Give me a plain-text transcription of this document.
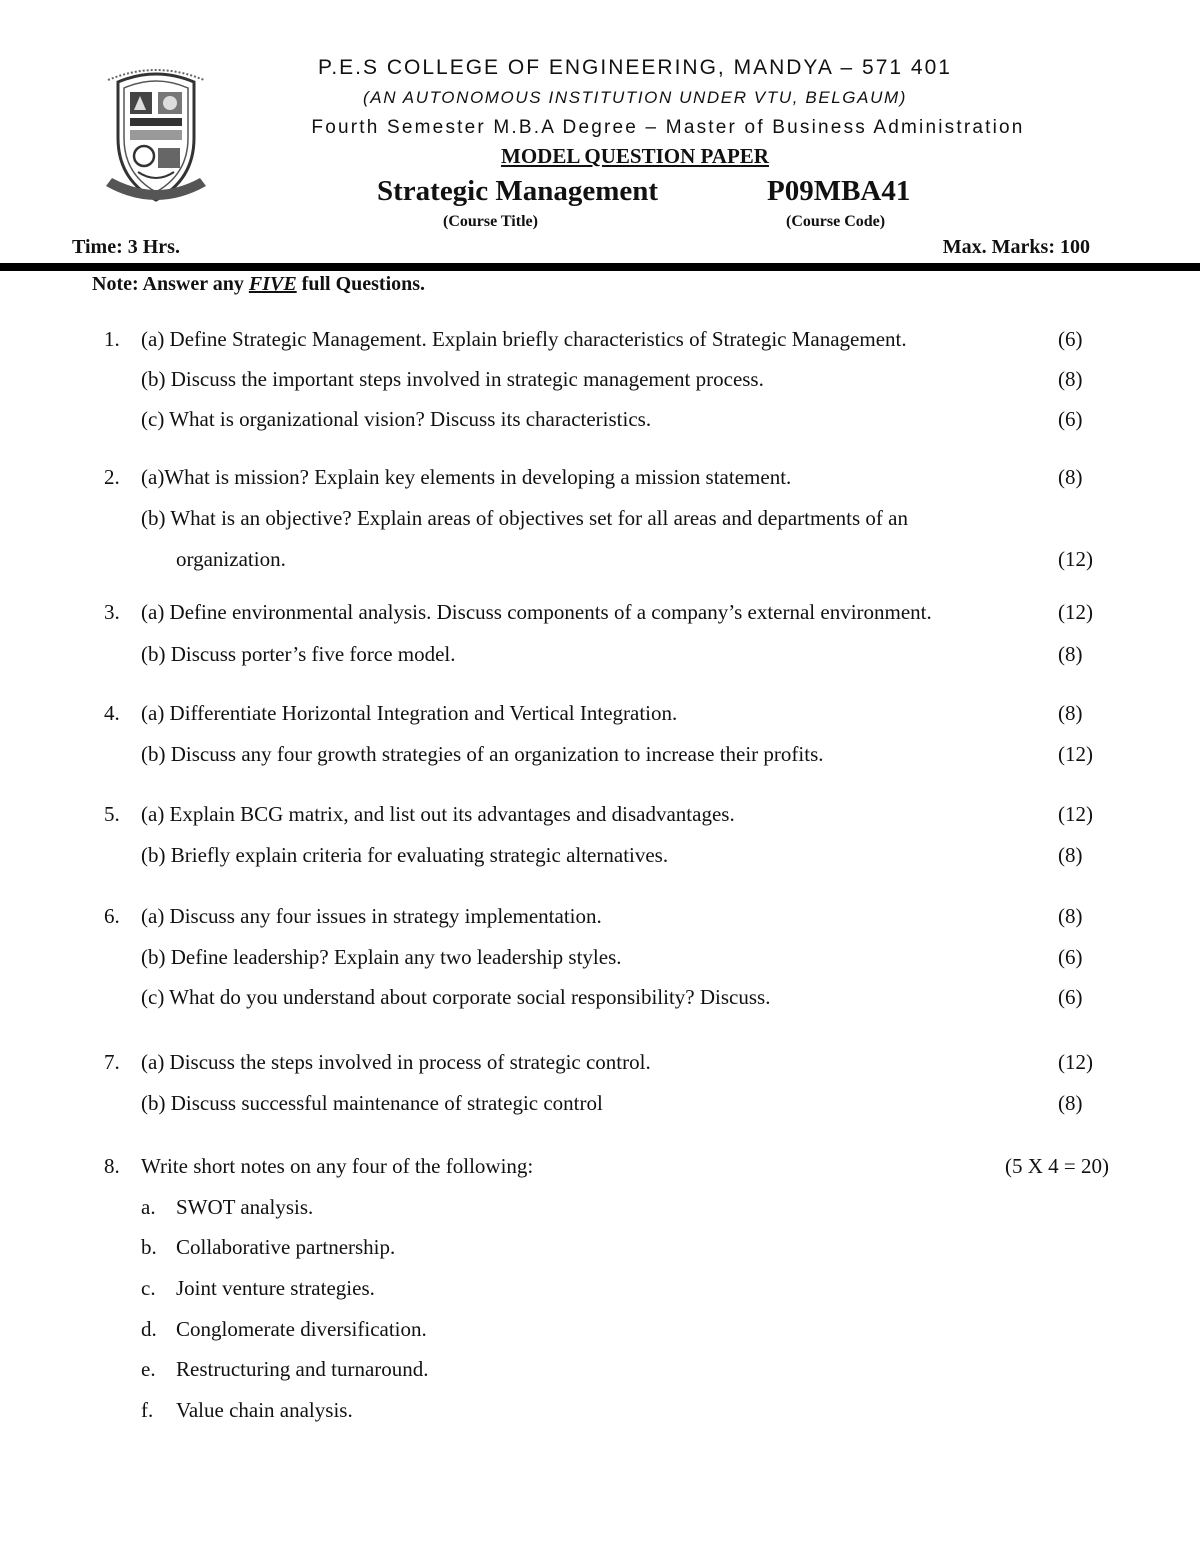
P.E.S COLLEGE OF ENGINEERING, MANDYA – 571 401
(AN AUTONOMOUS INSTITUTION UNDER VTU, BELGAUM)
Fourth Semester M.B.A Degree – Master of Business Administration
MODEL QUESTION PAPER
Strategic Management	P09MBA41
(Course Title)	(Course Code)
Time: 3 Hrs.	Max. Marks: 100
Note: Answer any FIVE full Questions.
1. (a) Define Strategic Management. Explain briefly characteristics of Strategic Management.	(6)
(b) Discuss the important steps involved in strategic management process.	(8)
(c) What is organizational vision? Discuss its characteristics.	(6)
2. (a)What is mission? Explain key elements in developing a mission statement.	(8)
(b) What is an objective? Explain areas of objectives set for all areas and departments of an
organization.	(12)
3. (a) Define environmental analysis. Discuss components of a company’s external environment.	(12)
(b) Discuss porter’s five force model.	(8)
4. (a) Differentiate Horizontal Integration and Vertical Integration.	(8)
(b) Discuss any four growth strategies of an organization to increase their profits.	(12)
5. (a) Explain BCG matrix, and list out its advantages and disadvantages.	(12)
(b) Briefly explain criteria for evaluating strategic alternatives.	(8)
6. (a) Discuss any four issues in strategy implementation.	(8)
(b) Define leadership? Explain any two leadership styles.	(6)
(c) What do you understand about corporate social responsibility? Discuss.	(6)
7. (a) Discuss the steps involved in process of strategic control.	(12)
(b) Discuss successful maintenance of strategic control	(8)
8. Write short notes on any four of the following:	(5 X 4 = 20)
a. SWOT analysis.
b. Collaborative partnership.
c. Joint venture strategies.
d. Conglomerate diversification.
e. Restructuring and turnaround.
f. Value chain analysis.
